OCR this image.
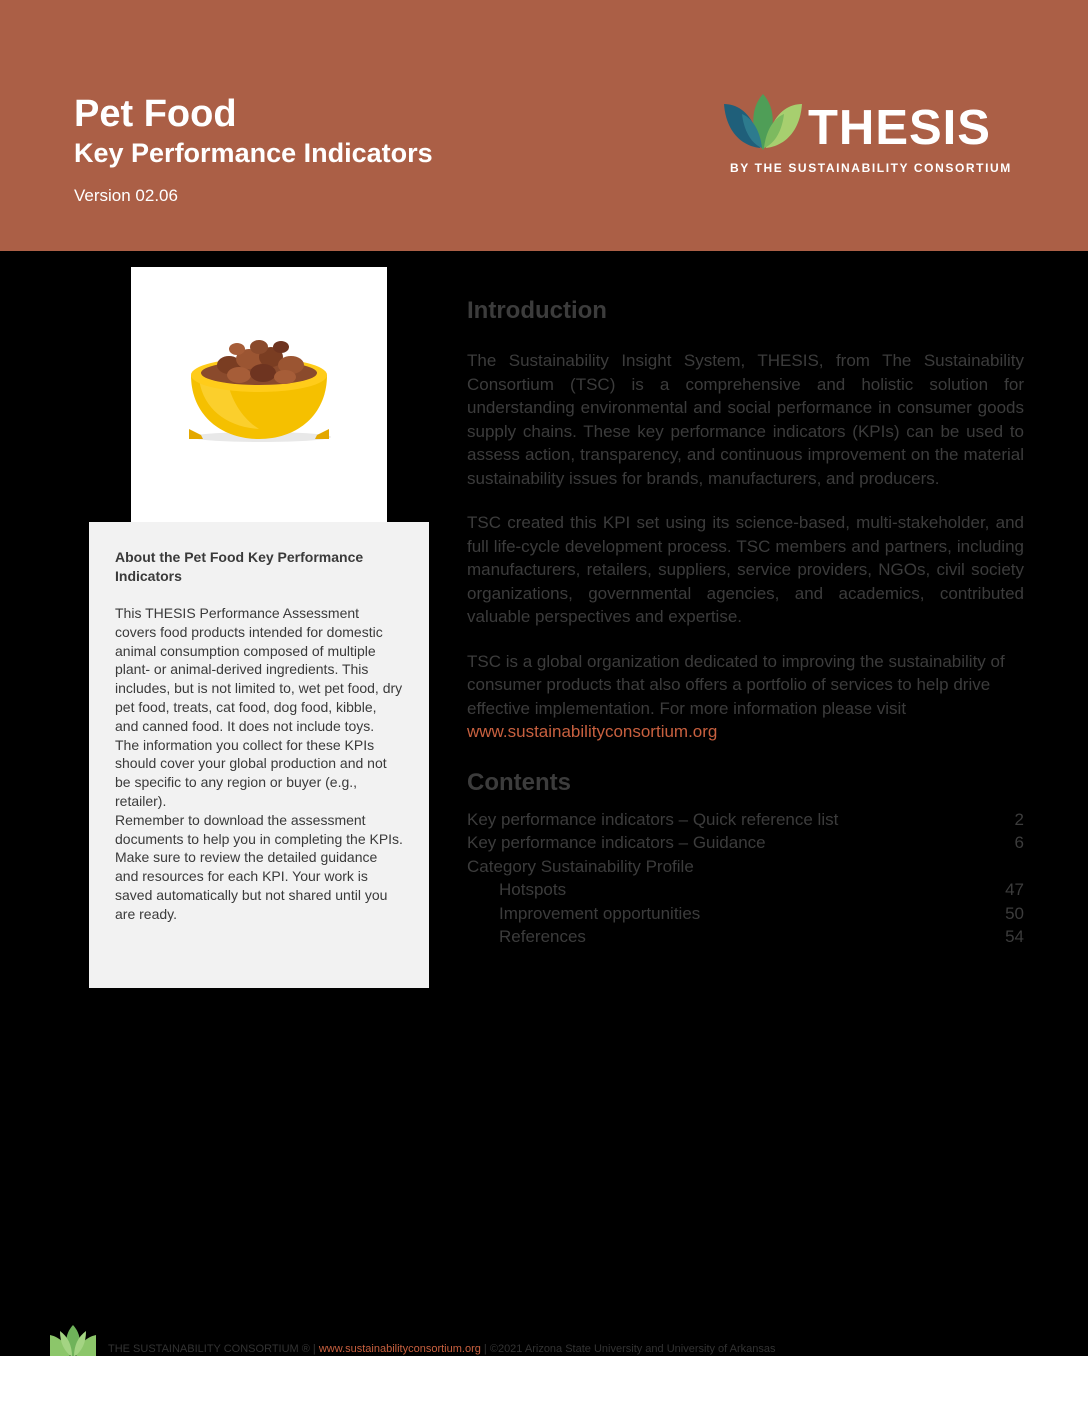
Pet Food
Key Performance Indicators

Version 02.06

THESIS
BY THE SUSTAINABILITY CONSORTIUM

About the Pet Food Key Performance Indicators

This THESIS Performance Assessment covers food products intended for domestic animal consumption composed of multiple plant- or animal-derived ingredients. This includes, but is not limited to, wet pet food, dry pet food, treats, cat food, dog food, kibble, and canned food. It does not include toys.

The information you collect for these KPIs should cover your global production and not be specific to any region or buyer (e.g., retailer).

Remember to download the assessment documents to help you in completing the KPIs. Make sure to review the detailed guidance and resources for each KPI. Your work is saved automatically but not shared until you are ready.

Introduction

The Sustainability Insight System, THESIS, from The Sustainability Consortium (TSC) is a comprehensive and holistic solution for understanding environmental and social performance in consumer goods supply chains. These key performance indicators (KPIs) can be used to assess action, transparency, and continuous improvement on the material sustainability issues for brands, manufacturers, and producers.

TSC created this KPI set using its science-based, multi-stakeholder, and full life-cycle development process. TSC members and partners, including manufacturers, retailers, suppliers, service providers, NGOs, civil society organizations, governmental agencies, and academics, contributed valuable perspectives and expertise.

TSC is a global organization dedicated to improving the sustainability of consumer products that also offers a portfolio of services to help drive effective implementation. For more information please visit
www.sustainabilityconsortium.org

Contents
Key performance indicators – Quick reference list	2
Key performance indicators – Guidance	6
Category Sustainability Profile
Hotspots	47
Improvement opportunities	50
References	54
THE SUSTAINABILITY CONSORTIUM ® | www.sustainabilityconsortium.org | ©2021 Arizona State University and University of Arkansas
